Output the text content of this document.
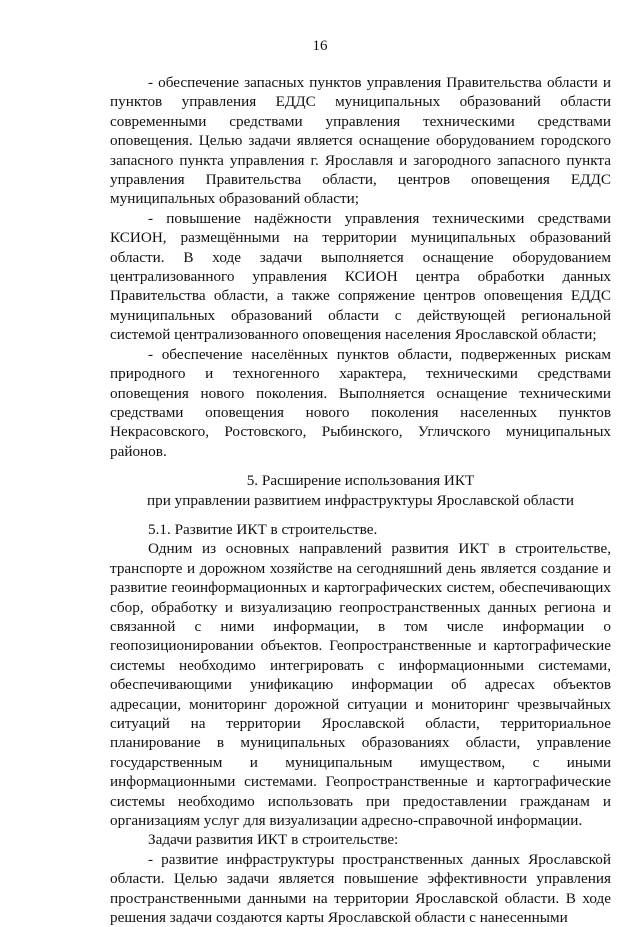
16

- обеспечение запасных пунктов управления Правительства области и пунктов управления ЕДДС муниципальных образований области современными средствами управления техническими средствами оповещения. Целью задачи является оснащение оборудованием городского запасного пункта управления г. Ярославля и загородного запасного пункта управления Правительства области, центров оповещения ЕДДС муниципальных образований области;

- повышение надёжности управления техническими средствами КСИОН, размещёнными на территории муниципальных образований области. В ходе задачи выполняется оснащение оборудованием централизованного управления КСИОН центра обработки данных Правительства области, а также сопряжение центров оповещения ЕДДС муниципальных образований области с действующей региональной системой централизованного оповещения населения Ярославской области;

- обеспечение населённых пунктов области, подверженных рискам природного и техногенного характера, техническими средствами оповещения нового поколения. Выполняется оснащение техническими средствами оповещения нового поколения населенных пунктов Некрасовского, Ростовского, Рыбинского, Угличского муниципальных районов.

5. Расширение использования ИКТ
при управлении развитием инфраструктуры Ярославской области

5.1. Развитие ИКТ в строительстве.

Одним из основных направлений развития ИКТ в строительстве, транспорте и дорожном хозяйстве на сегодняшний день является создание и развитие геоинформационных и картографических систем, обеспечивающих сбор, обработку и визуализацию геопространственных данных региона и связанной с ними информации, в том числе информации о геопозиционировании объектов. Геопространственные и картографические системы необходимо интегрировать с информационными системами, обеспечивающими унификацию информации об адресах объектов адресации, мониторинг дорожной ситуации и мониторинг чрезвычайных ситуаций на территории Ярославской области, территориальное планирование в муниципальных образованиях области, управление государственным и муниципальным имуществом, с иными информационными системами. Геопространственные и картографические системы необходимо использовать при предоставлении гражданам и организациям услуг для визуализации адресно-справочной информации.

Задачи развития ИКТ в строительстве:

- развитие инфраструктуры пространственных данных Ярославской области. Целью задачи является повышение эффективности управления пространственными данными на территории Ярославской области. В ходе решения задачи создаются карты Ярославской области с нанесенными
